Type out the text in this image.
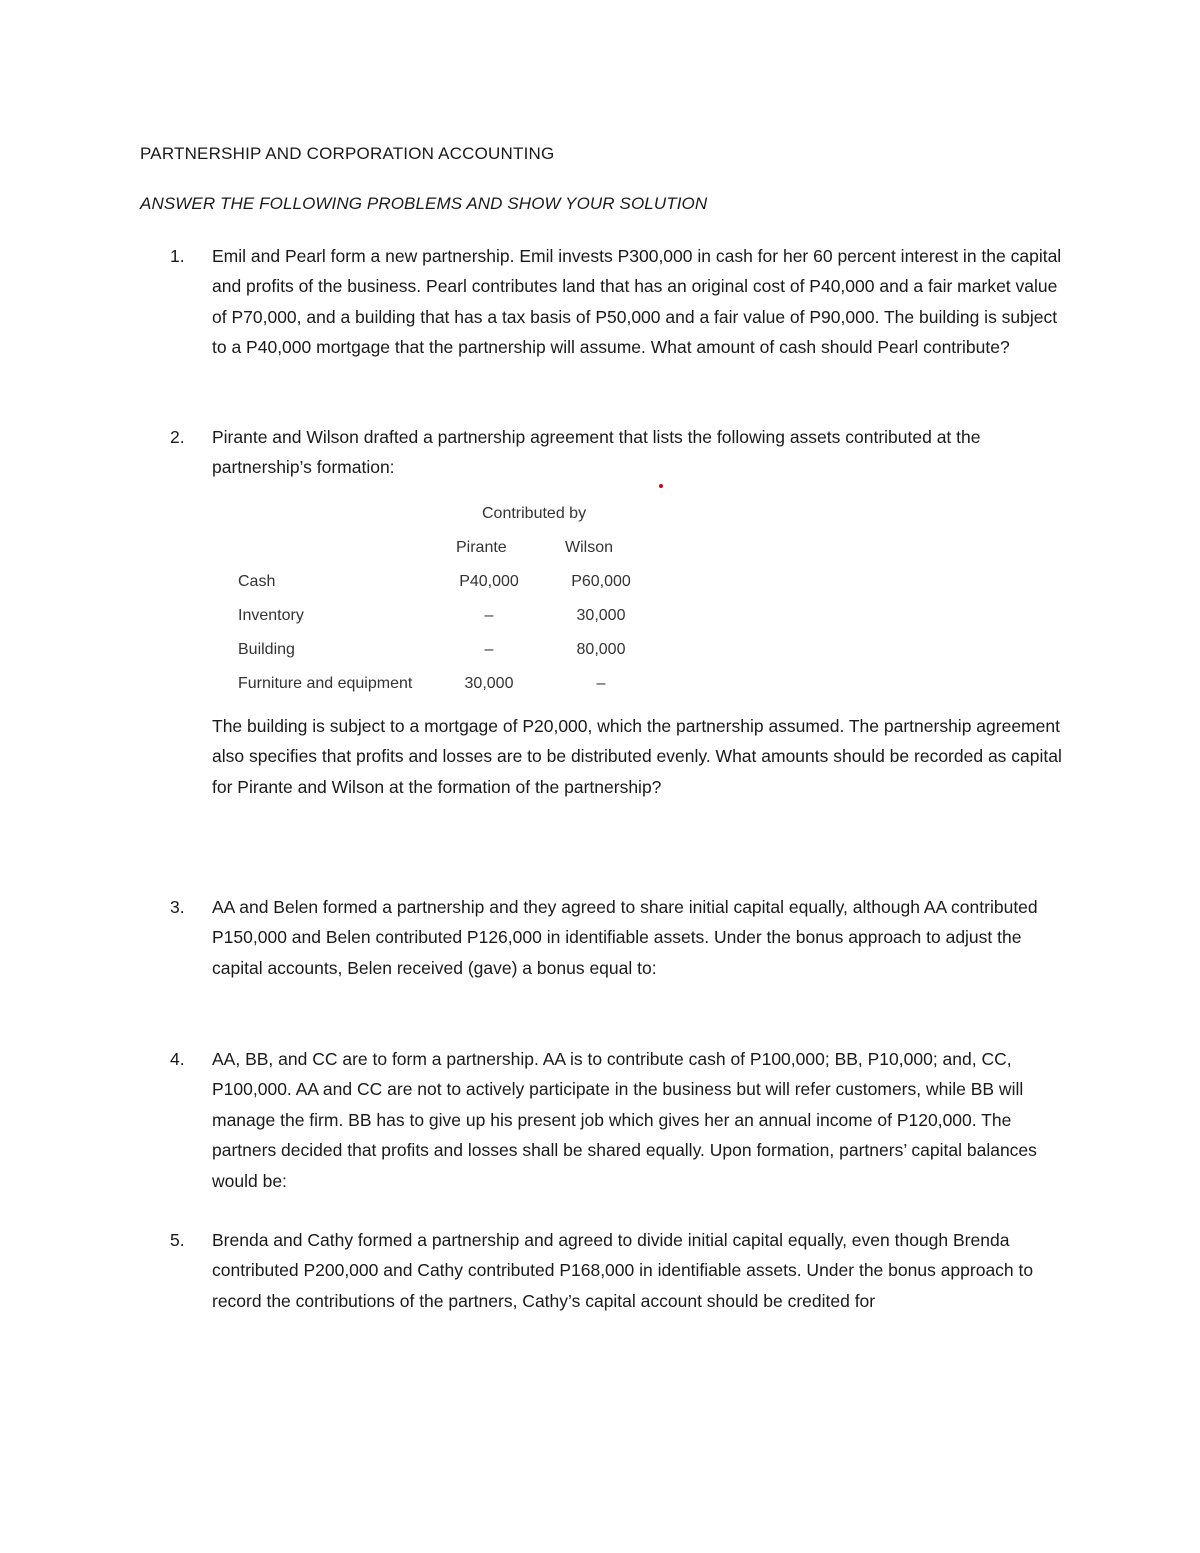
PARTNERSHIP AND CORPORATION ACCOUNTING
ANSWER THE FOLLOWING PROBLEMS AND SHOW YOUR SOLUTION
1.	Emil and Pearl form a new partnership. Emil invests P300,000 in cash for her 60 percent interest in the capital and profits of the business. Pearl contributes land that has an original cost of P40,000 and a fair market value of P70,000, and a building that has a tax basis of P50,000 and a fair value of P90,000. The building is subject to a P40,000 mortgage that the partnership will assume. What amount of cash should Pearl contribute?
2.	Pirante and Wilson drafted a partnership agreement that lists the following assets contributed at the partnership’s formation:
Contributed by
Pirante	Wilson
Cash	P40,000	P60,000
Inventory	–	30,000
Building	–	80,000
Furniture and equipment	30,000	–
The building is subject to a mortgage of P20,000, which the partnership assumed. The partnership agreement also specifies that profits and losses are to be distributed evenly. What amounts should be recorded as capital for Pirante and Wilson at the formation of the partnership?
3.	AA and Belen formed a partnership and they agreed to share initial capital equally, although AA contributed P150,000 and Belen contributed P126,000 in identifiable assets. Under the bonus approach to adjust the capital accounts, Belen received (gave) a bonus equal to:
4.	AA, BB, and CC are to form a partnership. AA is to contribute cash of P100,000; BB, P10,000; and, CC, P100,000. AA and CC are not to actively participate in the business but will refer customers, while BB will manage the firm. BB has to give up his present job which gives her an annual income of P120,000. The partners decided that profits and losses shall be shared equally. Upon formation, partners’ capital balances would be:
5.	Brenda and Cathy formed a partnership and agreed to divide initial capital equally, even though Brenda contributed P200,000 and Cathy contributed P168,000 in identifiable assets. Under the bonus approach to record the contributions of the partners, Cathy’s capital account should be credited for
